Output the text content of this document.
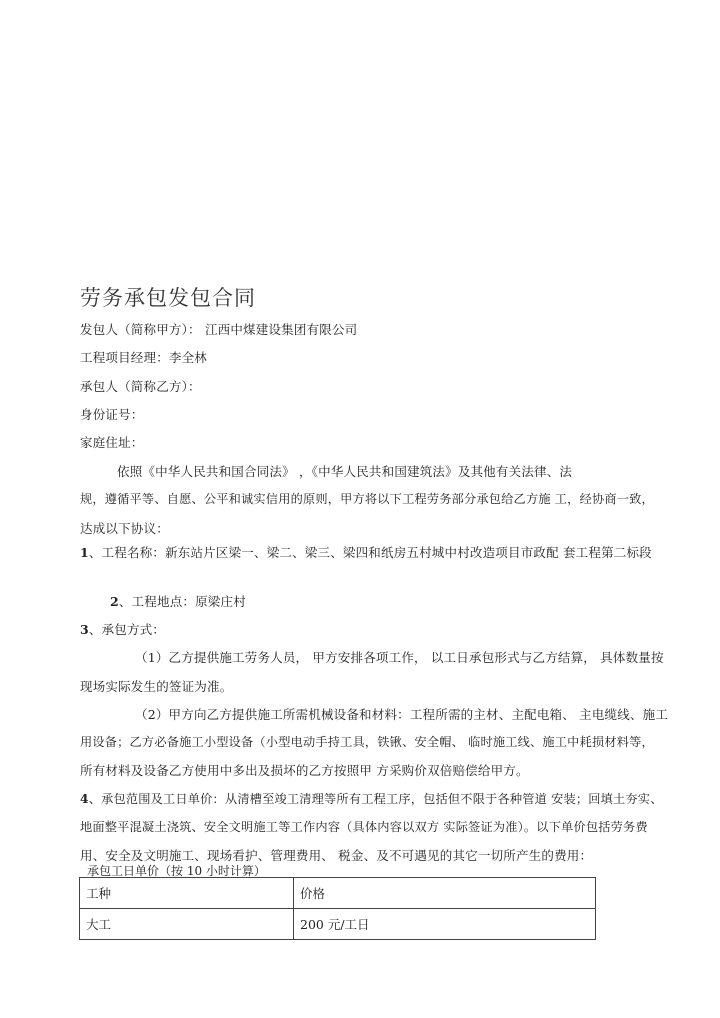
劳务承包发包合同
发包人（简称甲方）： 江西中煤建设集团有限公司
工程项目经理：李全林
承包人（简称乙方）：
身份证号：
家庭住址：
依照《中华人民共和国合同法》 ，《中华人民共和国建筑法》及其他有关法律、法
规，遵循平等、自愿、公平和诚实信用的原则，甲方将以下工程劳务部分承包给乙方施 工，经协商一致，
达成以下协议：
1、工程名称：新东站片区梁一、梁二、梁三、梁四和纸房五村城中村改造项目市政配 套工程第二标段
2、工程地点：原梁庄村
3、承包方式：
（1）乙方提供施工劳务人员， 甲方安排各项工作， 以工日承包形式与乙方结算， 具体数量按
现场实际发生的签证为准。
（2）甲方向乙方提供施工所需机械设备和材料：工程所需的主材、主配电箱、 主电缆线、施工
用设备；乙方必备施工小型设备（小型电动手持工具，铁锹、安全帽、 临时施工线、施工中耗损材料等，
所有材料及设备乙方使用中多出及损坏的乙方按照甲 方采购价双倍赔偿给甲方。
4、承包范围及工日单价：从清槽至竣工清理等所有工程工序，包括但不限于各种管道 安装；回填土夯实、
地面整平混凝土浇筑、安全文明施工等工作内容（具体内容以双方 实际签证为准）。以下单价包括劳务费
用、安全及文明施工、现场看护、管理费用、 税金、及不可遇见的其它一切所产生的费用：
承包工日单价（按 10 小时计算）
工种	价格
大工	200 元/工日
